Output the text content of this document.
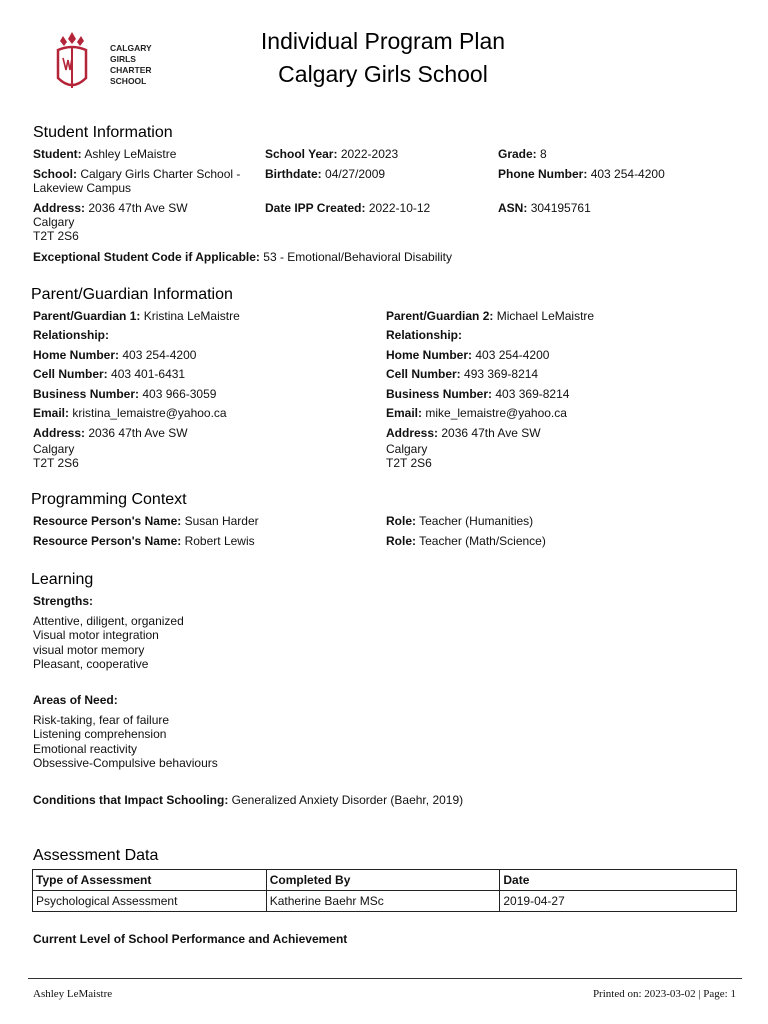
CALGARY
GIRLS
CHARTER
SCHOOL
Individual Program Plan
Calgary Girls School
Student Information
Student: Ashley LeMaistre	School Year: 2022-2023	Grade: 8
School: Calgary Girls Charter School -
Lakeview Campus
Birthdate: 04/27/2009	Phone Number: 403 254-4200
Address: 2036 47th Ave SW
Calgary
T2T 2S6
Date IPP Created: 2022-10-12	ASN: 304195761
Exceptional Student Code if Applicable: 53 - Emotional/Behavioral Disability
Parent/Guardian Information
Parent/Guardian 1: Kristina LeMaistre
Relationship:
Home Number: 403 254-4200
Cell Number: 403 401-6431
Business Number: 403 966-3059
Email: kristina_lemaistre@yahoo.ca
Address: 2036 47th Ave SW
Calgary
T2T 2S6
Parent/Guardian 2: Michael LeMaistre
Relationship:
Home Number: 403 254-4200
Cell Number: 493 369-8214
Business Number: 403 369-8214
Email: mike_lemaistre@yahoo.ca
Address: 2036 47th Ave SW
Calgary
T2T 2S6
Programming Context
Resource Person's Name: Susan Harder	Role: Teacher (Humanities)
Resource Person's Name: Robert Lewis	Role: Teacher (Math/Science)
Learning
Strengths:
Attentive, diligent, organized
Visual motor integration
visual motor memory
Pleasant, cooperative
Areas of Need:
Risk-taking, fear of failure
Listening comprehension
Emotional reactivity
Obsessive-Compulsive behaviours
Conditions that Impact Schooling: Generalized Anxiety Disorder (Baehr, 2019)
Assessment Data
Type of Assessment	Completed By	Date
Psychological Assessment	Katherine Baehr MSc	2019-04-27
Current Level of School Performance and Achievement
Ashley LeMaistre	Printed on: 2023-03-02 | Page: 1
